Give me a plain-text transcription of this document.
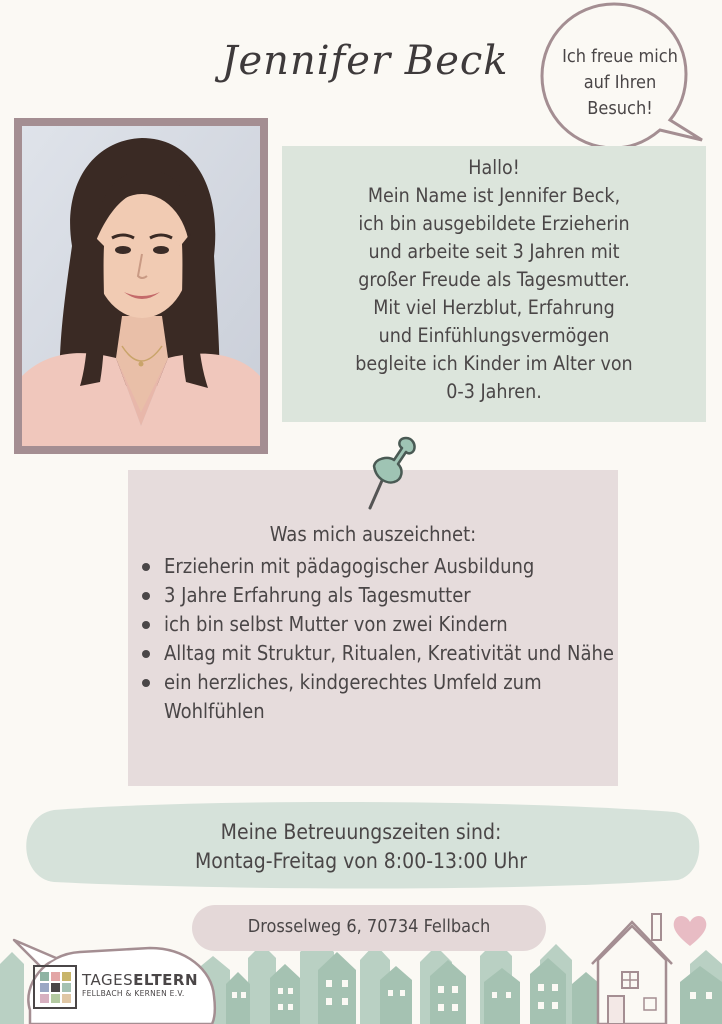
Jennifer Beck	Ich freue mich
auf Ihren
Besuch!
Hallo!
Mein Name ist Jennifer Beck,
ich bin ausgebildete Erzieherin
und arbeite seit 3 Jahren mit
großer Freude als Tagesmutter.
Mit viel Herzblut, Erfahrung
und Einfühlungsvermögen
begleite ich Kinder im Alter von
0-3 Jahren.
Was mich auszeichnet:
Erzieherin mit pädagogischer Ausbildung
3 Jahre Erfahrung als Tagesmutter
ich bin selbst Mutter von zwei Kindern
Alltag mit Struktur, Ritualen, Kreativität und Nähe
ein herzliches, kindgerechtes Umfeld zum Wohlfühlen
Meine Betreuungszeiten sind:
Montag-Freitag von 8:00-13:00 Uhr
TAGESELTERN
FELLBACH & KERNEN E.V.
Drosselweg 6, 70734 Fellbach
